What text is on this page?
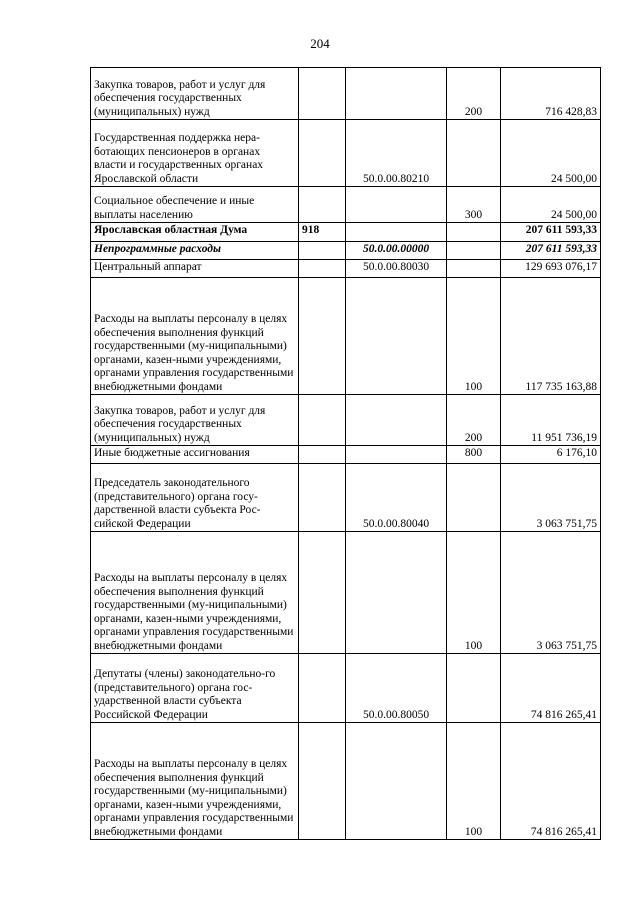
204
Закупка товаров, работ и услуг для обеспечения государственных (муниципальных) нужд			200	716 428,83
Государственная поддержка нера-ботающих пенсионеров в органах власти и государственных органах Ярославской области		50.0.00.80210		24 500,00
Социальное обеспечение и иные выплаты населению			300	24 500,00
Ярославская областная Дума	918			207 611 593,33
Непрограммные расходы		50.0.00.00000		207 611 593,33
Центральный аппарат		50.0.00.80030		129 693 076,17
Расходы на выплаты персоналу в целях обеспечения выполнения функций государственными (му-ниципальными) органами, казен-ными учреждениями, органами управления государственными внебюджетными фондами			100	117 735 163,88
Закупка товаров, работ и услуг для обеспечения государственных (муниципальных) нужд			200	11 951 736,19
Иные бюджетные ассигнования			800	6 176,10
Председатель законодательного (представительного) органа госу-дарственной власти субъекта Рос-сийской Федерации		50.0.00.80040		3 063 751,75
Расходы на выплаты персоналу в целях обеспечения выполнения функций государственными (му-ниципальными) органами, казен-ными учреждениями, органами управления государственными внебюджетными фондами			100	3 063 751,75
Депутаты (члены) законодательно-го (представительного) органа гос-ударственной власти субъекта Российской Федерации		50.0.00.80050		74 816 265,41
Расходы на выплаты персоналу в целях обеспечения выполнения функций государственными (му-ниципальными) органами, казен-ными учреждениями, органами управления государственными внебюджетными фондами			100	74 816 265,41
